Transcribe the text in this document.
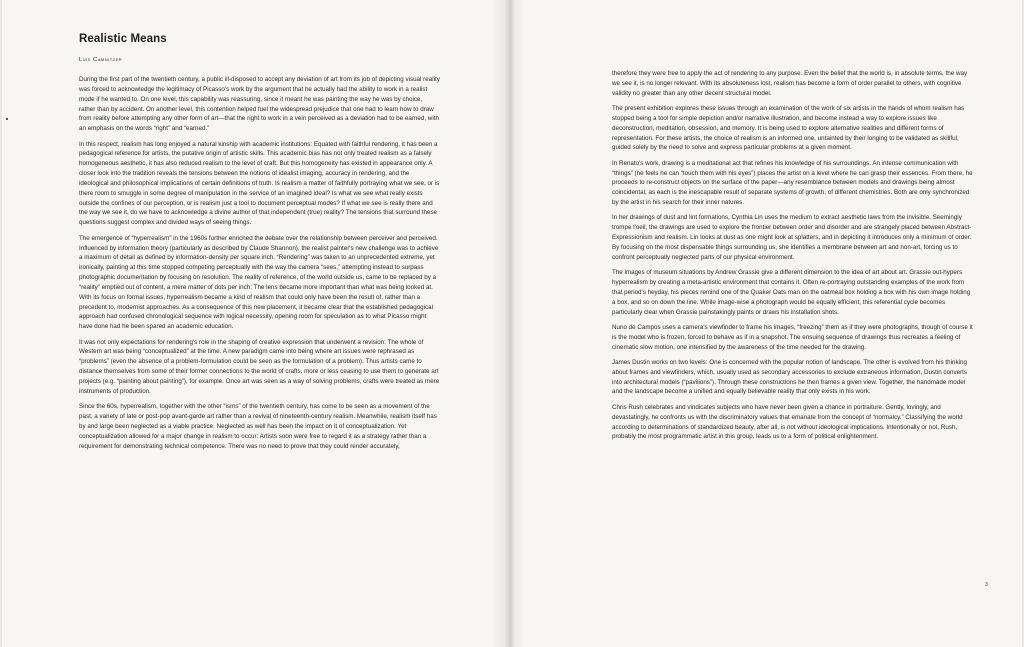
Realistic Means
Luis Camnitzer

During the first part of the twentieth century, a public ill-disposed to accept any deviation of art from its job of depicting visual reality was forced to acknowledge the legitimacy of Picasso's work by the argument that he actually had the ability to work in a realist mode if he wanted to. On one level, this capability was reassuring, since it meant he was painting the way he was by choice, rather than by accident. On another level, this contention helped fuel the widespread prejudice that one had to learn how to draw from reality before attempting any other form of art—that the right to work in a vein perceived as a deviation had to be earned, with an emphasis on the words “right” and “earned.”

In this respect, realism has long enjoyed a natural kinship with academic institutions: Equated with faithful rendering, it has been a pedagogical reference for artists, the putative origin of artistic skills. This academic bias has not only treated realism as a falsely homogeneous aesthetic, it has also reduced realism to the level of craft. But this homogeneity has existed in appearance only. A closer look into the tradition reveals the tensions between the notions of idealist imaging, accuracy in rendering, and the ideological and philosophical implications of certain definitions of truth. Is realism a matter of faithfully portraying what we see, or is there room to smuggle in some degree of manipulation in the service of an imagined ideal? Is what we see what really exists outside the confines of our perception, or is realism just a tool to document perceptual modes? If what we see is really there and the way we see it, do we have to acknowledge a divine author of that independent (true) reality? The tensions that surround these questions suggest complex and divided ways of seeing things.

The emergence of “hyperrealism” in the 1960s further enriched the debate over the relationship between perceiver and perceived. Influenced by information theory (particularly as described by Claude Shannon), the realist painter's new challenge was to achieve a maximum of detail as defined by information-density per square inch. “Rendering” was taken to an unprecedented extreme, yet ironically, painting at this time stopped competing perceptually with the way the camera “sees,” attempting instead to surpass photographic documentation by focusing on resolution. The reality of reference, of the world outside us, came to be replaced by a “reality” emptied out of content, a mere matter of dots per inch: The lens became more important than what was being looked at. With its focus on formal issues, hyperrealism became a kind of realism that could only have been the result of, rather than a precedent to, modernist approaches. As a consequence of this new placement, it became clear that the established pedagogical approach had confused chronological sequence with logical necessity, opening room for speculation as to what Picasso might have done had he been spared an academic education.

It was not only expectations for rendering's role in the shaping of creative expression that underwent a revision: The whole of Western art was being “conceptualized” at the time. A new paradigm came into being where art issues were rephrased as “problems” (even the absence of a problem-formulation could be seen as the formulation of a problem). Thus artists came to distance themselves from some of their former connections to the world of crafts, more or less ceasing to use them to generate art projects (e.g. “painting about painting”), for example. Once art was seen as a way of solving problems, crafts were treated as mere instruments of production.

Since the 60s, hyperrealism, together with the other “isms” of the twentieth century, has come to be seen as a movement of the past, a variety of late or post-pop avant-garde art rather than a revival of nineteenth-century realism. Meanwhile, realism itself has by and large been neglected as a viable practice. Neglected as well has been the impact on it of conceptualization. Yet conceptualization allowed for a major change in realism to occur: Artists soon were free to regard it as a strategy rather than a requirement for demonstrating technical competence. There was no need to prove that they could render accurately,

therefore they were free to apply the act of rendering to any purpose. Even the belief that the world is, in absolute terms, the way we see it, is no longer relevant. With its absoluteness lost, realism has become a form of order parallel to others, with cognitive validity no greater than any other decent structural model.

The present exhibition explores these issues through an examination of the work of six artists in the hands of whom realism has stopped being a tool for simple depiction and/or narrative illustration, and become instead a way to explore issues like deconstruction, meditation, obsession, and memory. It is being used to explore alternative realities and different forms of representation. For these artists, the choice of realism is an informed one, untainted by their longing to be validated as skillful, guided solely by the need to solve and express particular problems at a given moment.

In Renato's work, drawing is a meditational act that refines his knowledge of his surroundings. An intense communication with “things” (he feels he can “touch them with his eyes”) places the artist on a level where he can grasp their essences. From there, he proceeds to re-construct objects on the surface of the paper—any resemblance between models and drawings being almost coincidental, as each is the inescapable result of separate systems of growth, of different chemistries. Both are only synchronized by the artist in his search for their inner natures.

In her drawings of dust and lint formations, Cynthia Lin uses the medium to extract aesthetic laws from the invisible. Seemingly trompe l'oeil, the drawings are used to explore the frontier between order and disorder and are strangely placed between Abstract-Expressionism and realism. Lin looks at dust as one might look at splatters, and in depicting it introduces only a minimum of order. By focusing on the most dispensable things surrounding us, she identifies a membrane between art and non-art, forcing us to confront perceptually neglected parts of our physical environment.

The images of museum situations by Andrew Grassie give a different dimension to the idea of art about art. Grassie out-hypers hyperrealism by creating a meta-artistic environment that contains it. Often re-portraying outstanding examples of the work from that period's heyday, his pieces remind one of the Quaker Oats man on the oatmeal box holding a box with his own image holding a box, and so on down the line. While image-wise a photograph would be equally efficient, this referential cycle becomes particularly clear when Grassie painstakingly paints or draws his installation shots.

Nuno de Campos uses a camera's viewfinder to frame his images, “freezing” them as if they were photographs, though of course it is the model who is frozen, forced to behave as if in a snapshot. The ensuing sequence of drawings thus recreates a feeling of cinematic slow motion, one intensified by the awareness of the time needed for the drawing.

James Dustin works on two levels: One is concerned with the popular notion of landscape. The other is evolved from his thinking about frames and viewfinders, which, usually used as secondary accessories to exclude extraneous information, Dustin converts into architectural models (“pavilions”). Through these constructions he then frames a given view. Together, the handmade model and the landscape become a unified and equally believable reality that only exists in his work.

Chris Rush celebrates and vindicates subjects who have never been given a chance in portraiture. Gently, lovingly, and devastatingly, he confronts us with the discriminatory values that emanate from the concept of “normalcy.” Classifying the world according to determinations of standardized beauty, after all, is not without ideological implications. Intentionally or not, Rush, probably the most programmatic artist in this group, leads us to a form of political enlightenment.

3
